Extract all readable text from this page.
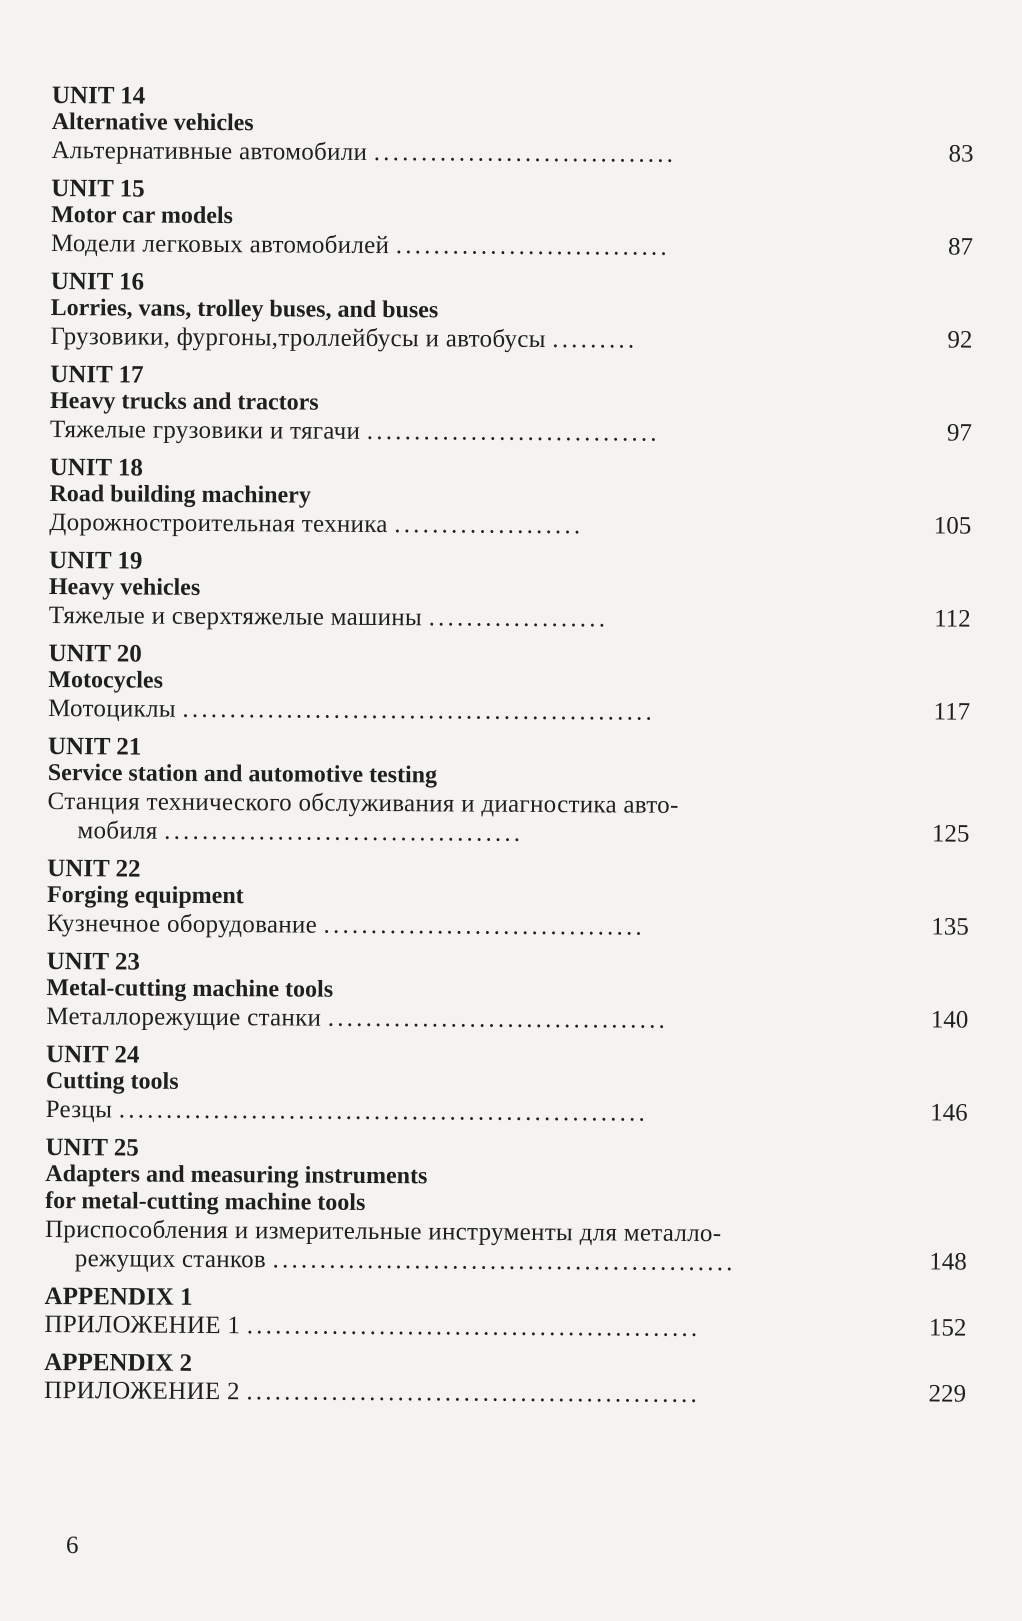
UNIT 14
Alternative vehicles
Альтернативные автомобили ................................	83
UNIT 15
Motor car models
Модели легковых автомобилей .............................	87
UNIT 16
Lorries, vans, trolley buses, and buses
Грузовики, фургоны,троллейбусы и автобусы .........	92
UNIT 17
Heavy trucks and tractors
Тяжелые грузовики и тягачи ...............................	97
UNIT 18
Road building machinery
Дорожностроительная техника ....................	105
UNIT 19
Heavy vehicles
Тяжелые и сверхтяжелые машины ...................	112
UNIT 20
Motocycles
Мотоциклы ..................................................	117
UNIT 21
Service station and automotive testing
Станция технического обслуживания и диагностика авто-
мобиля ......................................	125
UNIT 22
Forging equipment
Кузнечное оборудование ..................................	135
UNIT 23
Metal-cutting machine tools
Металлорежущие станки ....................................	140
UNIT 24
Cutting tools
Резцы ........................................................	146
UNIT 25
Adapters and measuring instruments
for metal-cutting machine tools
Приспособления и измерительные инструменты для металло-
режущих станков .................................................	148
APPENDIX 1
ПРИЛОЖЕНИЕ 1 ................................................	152
APPENDIX 2
ПРИЛОЖЕНИЕ 2 ................................................	229
6
